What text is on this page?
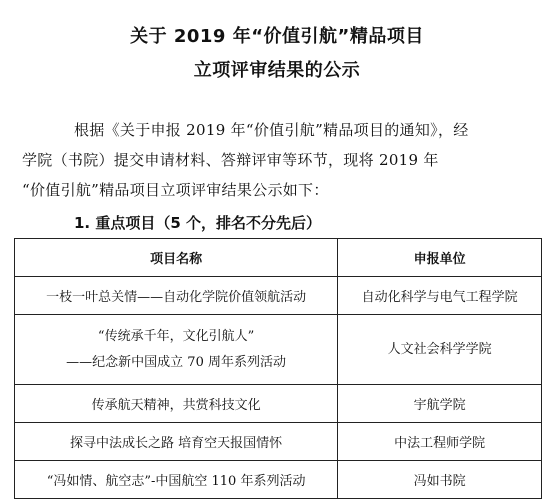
关于 2019 年“价值引航”精品项目
立项评审结果的公示
根据《关于申报 2019 年“价值引航”精品项目的通知》，经
学院（书院）提交申请材料、答辩评审等环节，现将 2019 年
“价值引航”精品项目立项评审结果公示如下：
1. 重点项目（5 个，排名不分先后）
项目名称	申报单位
一枝一叶总关情——自动化学院价值领航活动	自动化科学与电气工程学院

“传统承千年，文化引航人”
——纪念新中国成立 70 周年系列活动	人文社会科学学院
传承航天精神，共赏科技文化	宇航学院
探寻中法成长之路 培育空天报国情怀	中法工程师学院
“冯如情、航空志”-中国航空 110 年系列活动	冯如书院
